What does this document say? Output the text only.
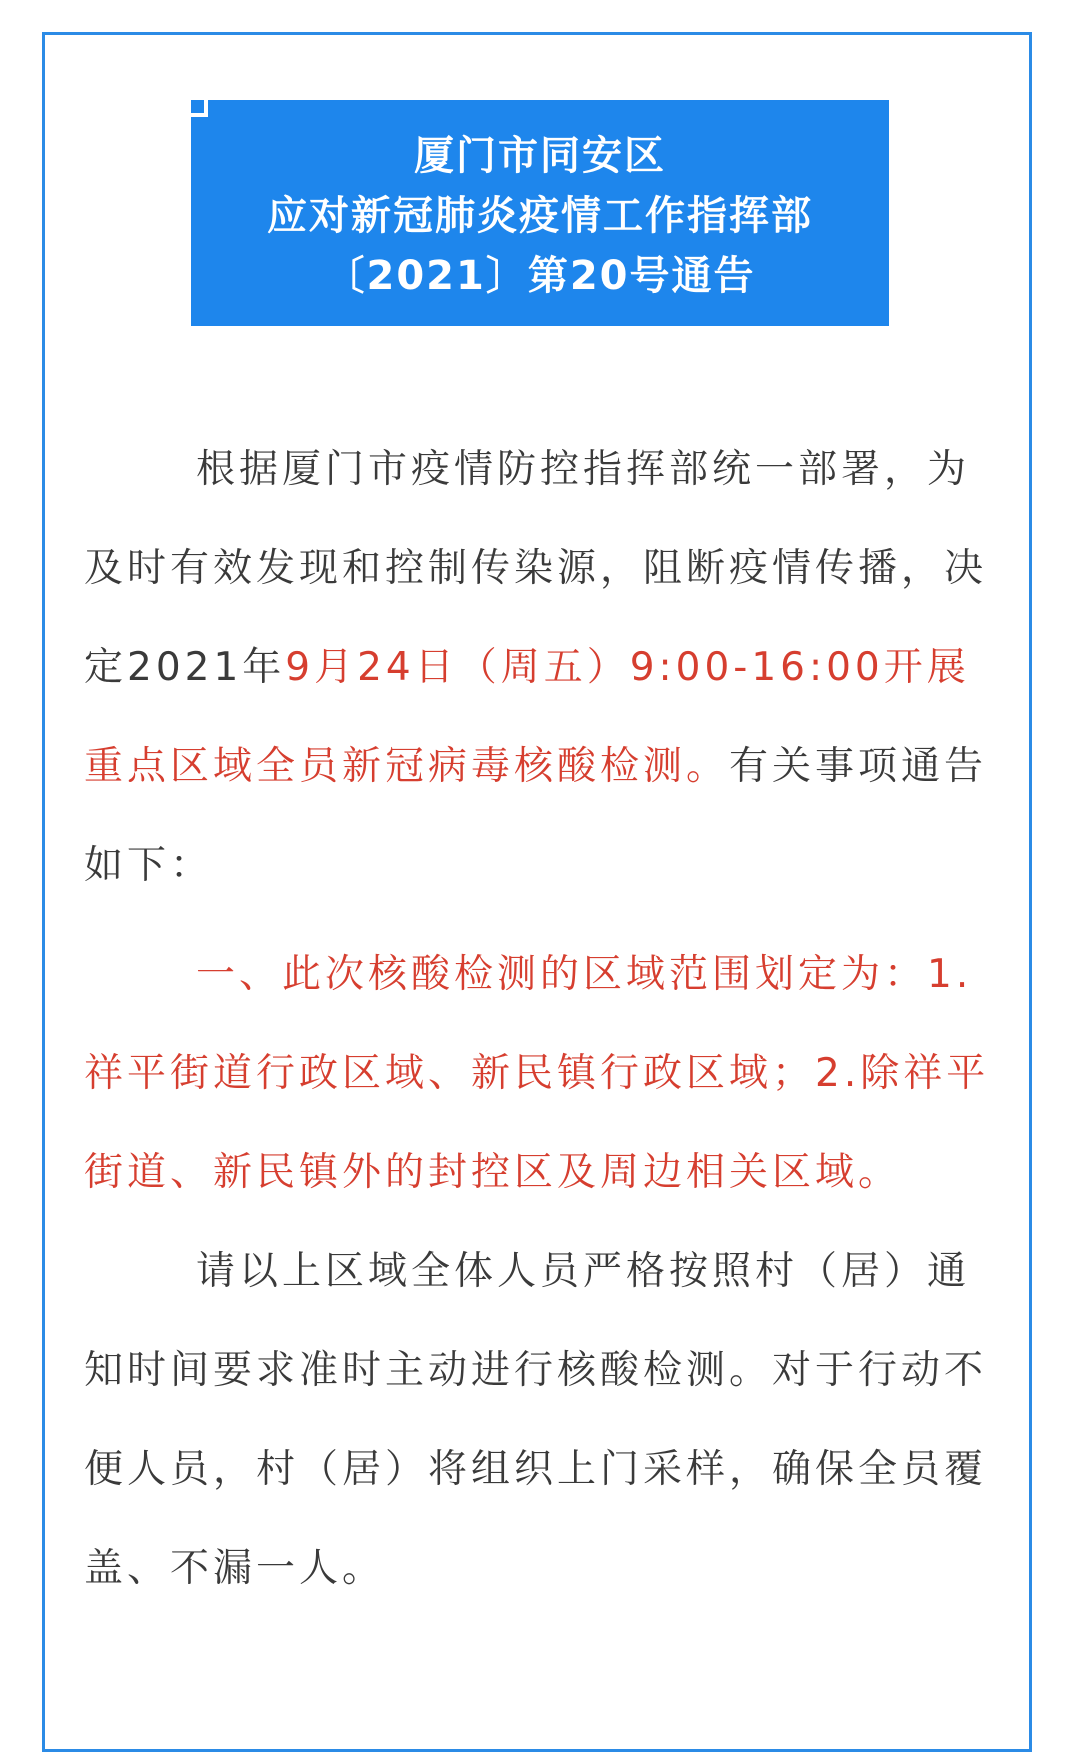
厦门市同安区
应对新冠肺炎疫情工作指挥部
〔2021〕第20号通告

根据厦门市疫情防控指挥部统一部署，为及时有效发现和控制传染源，阻断疫情传播，决定2021年9月24日（周五）9:00-16:00开展重点区域全员新冠病毒核酸检测。有关事项通告如下：

一、此次核酸检测的区域范围划定为：1.祥平街道行政区域、新民镇行政区域；2.除祥平街道、新民镇外的封控区及周边相关区域。

请以上区域全体人员严格按照村（居）通知时间要求准时主动进行核酸检测。对于行动不便人员，村（居）将组织上门采样，确保全员覆盖、不漏一人。
